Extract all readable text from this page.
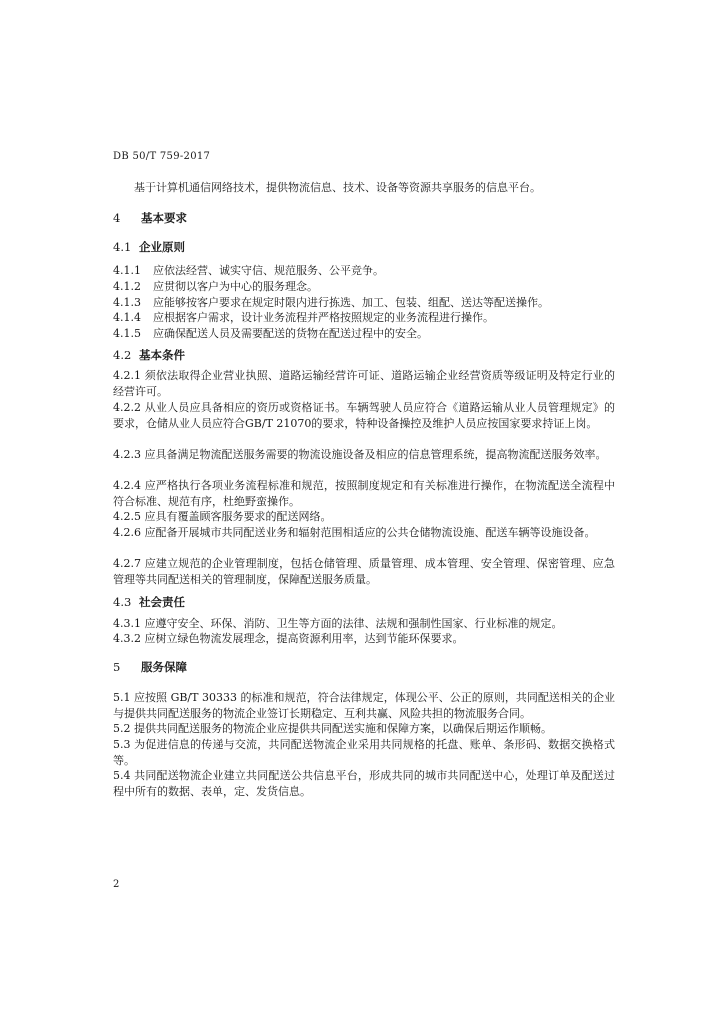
DB 50/T 759-2017

基于计算机通信网络技术，提供物流信息、技术、设备等资源共享服务的信息平台。

4 基本要求
4.1 企业原则
4.1.1 应依法经营、诚实守信、规范服务、公平竞争。
4.1.2 应贯彻以客户为中心的服务理念。
4.1.3 应能够按客户要求在规定时限内进行拣选、加工、包装、组配、送达等配送操作。
4.1.4 应根据客户需求，设计业务流程并严格按照规定的业务流程进行操作。
4.1.5 应确保配送人员及需要配送的货物在配送过程中的安全。
4.2 基本条件

4.2.1 须依法取得企业营业执照、道路运输经营许可证、道路运输企业经营资质等级证明及特定行业的经营许可。

4.2.2 从业人员应具备相应的资历或资格证书。车辆驾驶人员应符合《道路运输从业人员管理规定》的要求，仓储从业人员应符合GB/T 21070的要求，特种设备操控及维护人员应按国家要求持证上岗。

4.2.3 应具备满足物流配送服务需要的物流设施设备及相应的信息管理系统，提高物流配送服务效率。

4.2.4 应严格执行各项业务流程标准和规范，按照制度规定和有关标准进行操作，在物流配送全流程中符合标准、规范有序，杜绝野蛮操作。

4.2.5 应具有覆盖顾客服务要求的配送网络。

4.2.6 应配备开展城市共同配送业务和辐射范围相适应的公共仓储物流设施、配送车辆等设施设备。

4.2.7 应建立规范的企业管理制度，包括仓储管理、质量管理、成本管理、安全管理、保密管理、应急管理等共同配送相关的管理制度，保障配送服务质量。

4.3 社会责任

4.3.1 应遵守安全、环保、消防、卫生等方面的法律、法规和强制性国家、行业标准的规定。

4.3.2 应树立绿色物流发展理念，提高资源利用率，达到节能环保要求。

5 服务保障

5.1 应按照 GB/T 30333 的标准和规范，符合法律规定，体现公平、公正的原则，共同配送相关的企业与提供共同配送服务的物流企业签订长期稳定、互利共赢、风险共担的物流服务合同。

5.2 提供共同配送服务的物流企业应提供共同配送实施和保障方案，以确保后期运作顺畅。

5.3 为促进信息的传递与交流，共同配送物流企业采用共同规格的托盘、账单、条形码、数据交换格式等。

5.4 共同配送物流企业建立共同配送公共信息平台，形成共同的城市共同配送中心，处理订单及配送过程中所有的数据、表单，定、发货信息。

2
